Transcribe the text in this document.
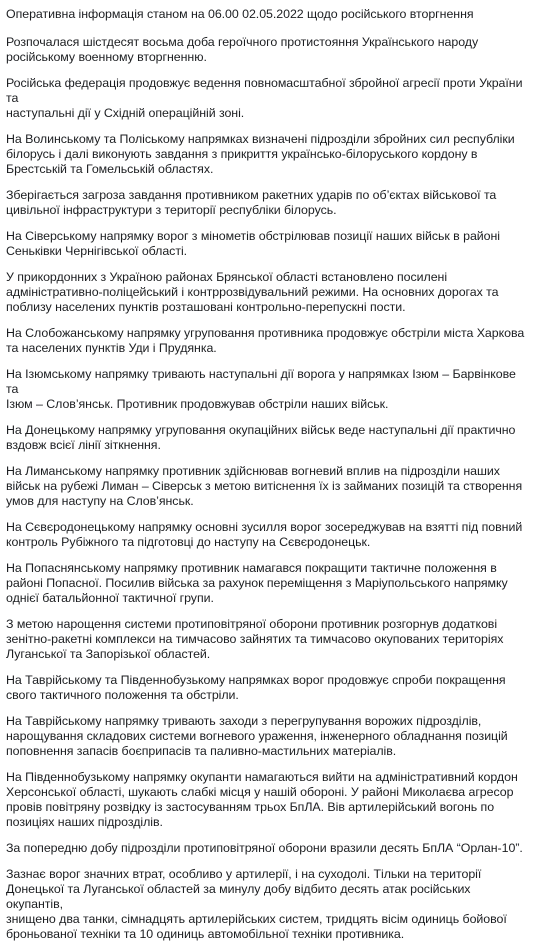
Оперативна інформація станом на 06.00 02.05.2022 щодо російського вторгнення

Розпочалася шістдесят восьма доба героїчного протистояння Українського народу
російському военному вторгненню.

Російська федерація продовжує ведення повномасштабної збройної агресії проти України та
наступальні дії у Східній операційній зоні.

На Волинському та Поліському напрямках визначені підрозділи збройних сил республіки
білорусь і далі виконують завдання з прикриття українсько-білоруського кордону в
Брестській та Гомельській областях.

Зберігається загроза завдання противником ракетних ударів по об’єктах військової та
цивільної інфраструктури з території республіки білорусь.

На Сіверському напрямку ворог з мінометів обстрілював позиції наших військ в районі
Сеньківки Чернігівської області.

У прикордонних з Україною районах Брянської області встановлено посилені
адміністративно-поліцейський і контррозвідувальний режими. На основних дорогах та
поблизу населених пунктів розташовані контрольно-перепускні пости.

На Слобожанському напрямку угруповання противника продовжує обстріли міста Харкова
та населених пунктів Уди і Прудянка.

На Ізюмському напрямку тривають наступальні дії ворога у напрямках Ізюм – Барвінкове та
Ізюм – Слов’янськ. Противник продовжував обстріли наших військ.

На Донецькому напрямку угруповання окупаційних військ веде наступальні дії практично
вздовж всієї лінії зіткнення.

На Лиманському напрямку противник здійснював вогневий вплив на підрозділи наших
військ на рубежі Лиман – Сіверськ з метою витіснення їх із займаних позицій та створення
умов для наступу на Слов’янськ.

На Сєвєродонецькому напрямку основні зусилля ворог зосереджував на взятті під повний
контроль Рубіжного та підготовці до наступу на Сєвєродонецьк.

На Попаснянському напрямку противник намагався покращити тактичне положення в
районі Попасної. Посилив війська за рахунок переміщення з Маріупольського напрямку
однієї батальйонної тактичної групи.

З метою нарощення системи протиповітряної оборони противник розгорнув додаткові
зенітно-ракетні комплекси на тимчасово зайнятих та тимчасово окупованих територіях
Луганської та Запорізької областей.

На Таврійському та Південнобузькому напрямках ворог продовжує спроби покращення
свого тактичного положення та обстріли.

На Таврійському напрямку тривають заходи з перегрупування ворожих підрозділів,
нарощування складових системи вогневого ураження, інженерного обладнання позицій
поповнення запасів боєприпасів та паливно-мастильних матеріалів.

На Південнобузькому напрямку окупанти намагаються вийти на адміністративний кордон
Херсонської області, шукають слабкі місця у нашій обороні. У районі Миколаєва агресор
провів повітряну розвідку із застосуванням трьох БпЛА. Вів артилерійський вогонь по
позиціях наших підрозділів.

За попередню добу підрозділи протиповітряної оборони вразили десять БпЛА “Орлан-10”.

Зазнає ворог значних втрат, особливо у артилерії, і на суходолі. Тільки на території
Донецької та Луганської областей за минулу добу відбито десять атак російських окупантів,
знищено два танки, сімнадцять артилерійських систем, тридцять вісім одиниць бойової
броньованої техніки та 10 одиниць автомобільної техніки противника.
